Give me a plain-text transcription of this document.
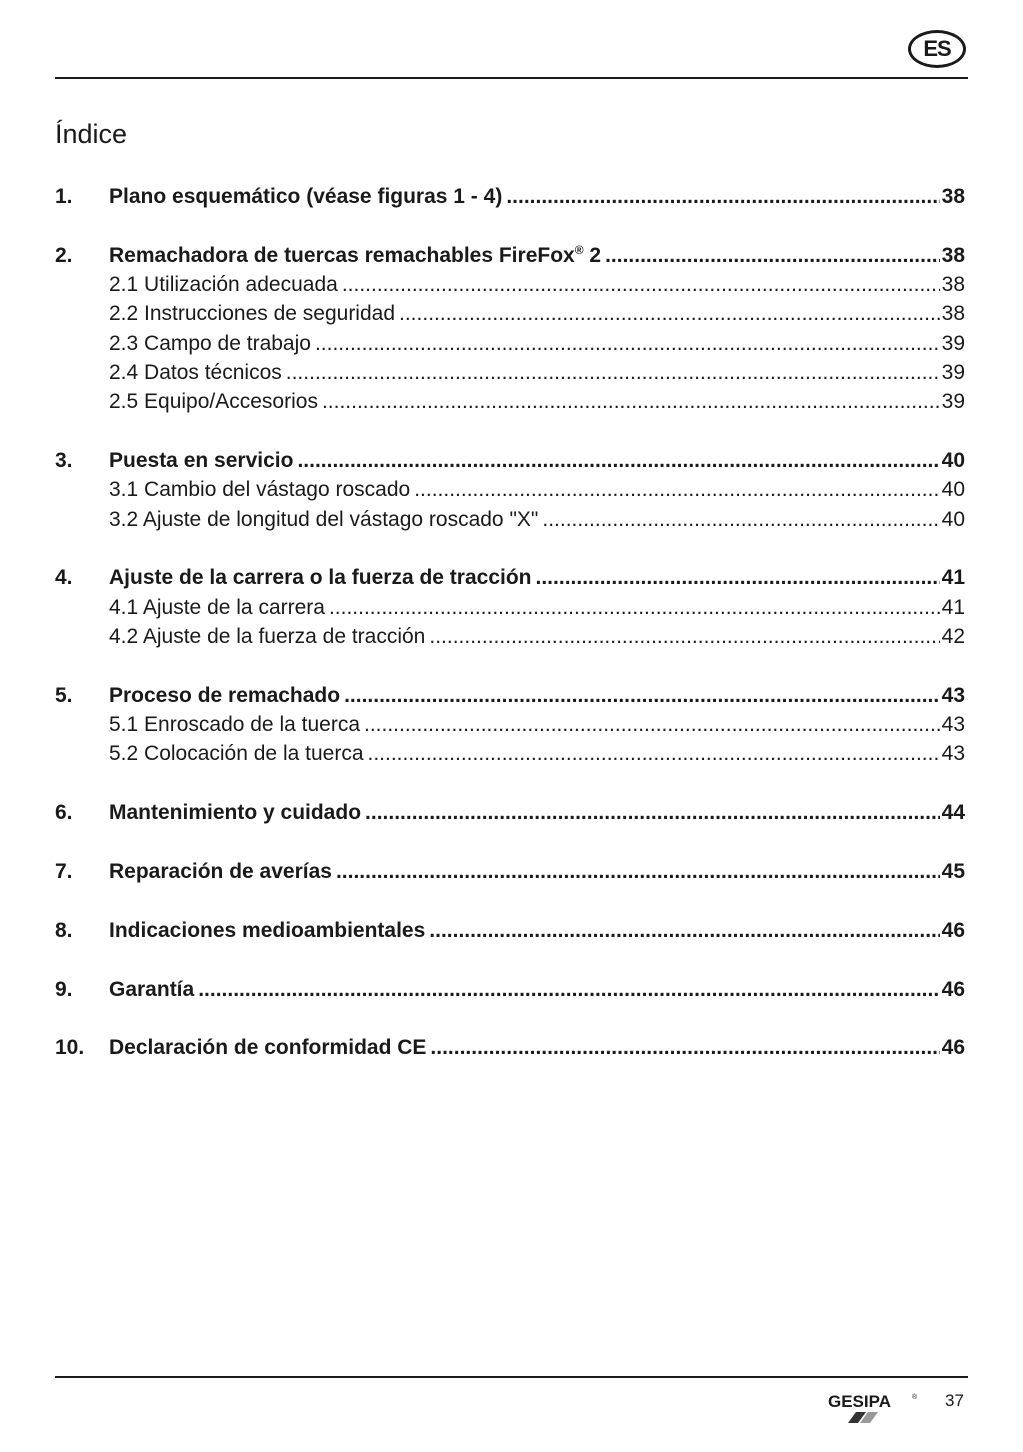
ES
Índice
1.	Plano esquemático (véase figuras 1 - 4) .....	38
2.	Remachadora de tuercas remachables FireFox® 2 .....	38
2.1 Utilización adecuada .....	38
2.2 Instrucciones de seguridad .....	38
2.3 Campo de trabajo .....	39
2.4 Datos técnicos .....	39
2.5 Equipo/Accesorios .....	39
3.	Puesta en servicio .....	40
3.1 Cambio del vástago roscado .....	40
3.2 Ajuste de longitud del vástago roscado "X" .....	40
4.	Ajuste de la carrera o la fuerza de tracción .....	41
4.1 Ajuste de la carrera .....	41
4.2 Ajuste de la fuerza de tracción .....	42
5.	Proceso de remachado .....	43
5.1 Enroscado de la tuerca .....	43
5.2 Colocación de la tuerca .....	43
6.	Mantenimiento y cuidado .....	44
7.	Reparación de averías .....	45
8.	Indicaciones medioambientales .....	46
9.	Garantía .....	46
10.	Declaración de conformidad CE .....	46
GESIPA	® 37
